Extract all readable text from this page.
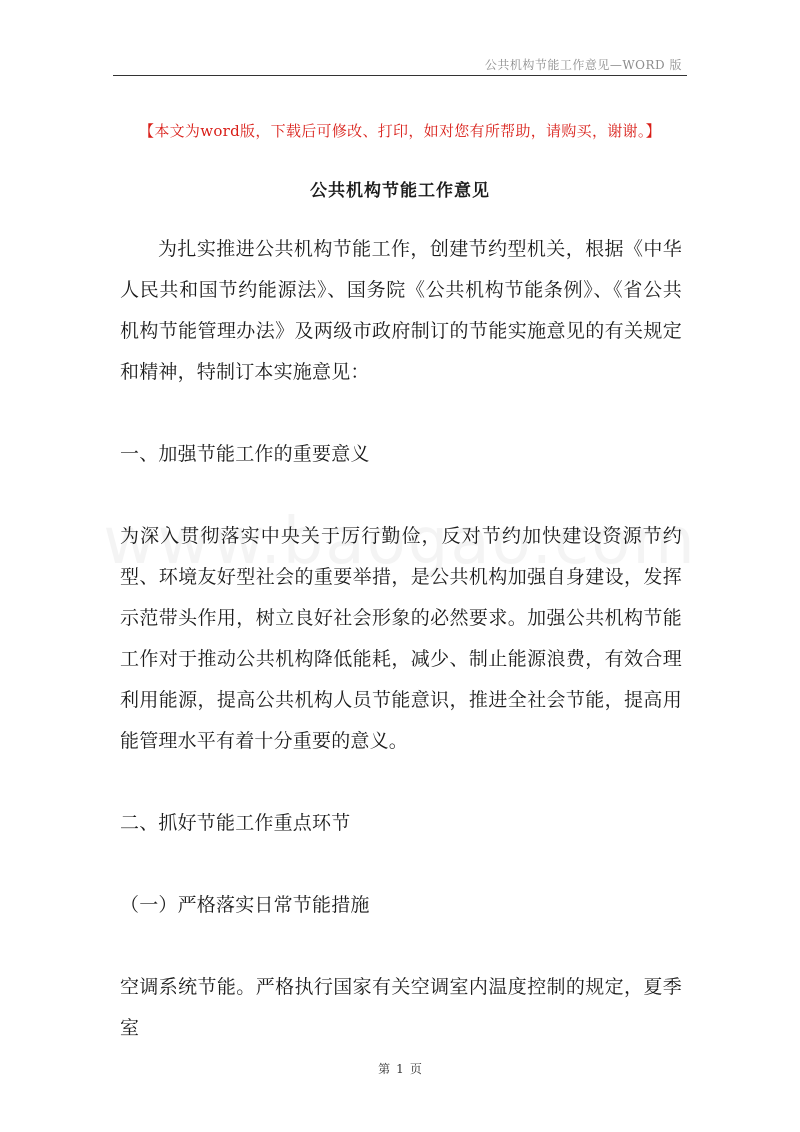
公共机构节能工作意见—WORD 版
【本文为word版，下载后可修改、打印，如对您有所帮助，请购买，谢谢。】
公共机构节能工作意见

为扎实推进公共机构节能工作，创建节约型机关，根据《中华人民共和国节约能源法》、国务院《公共机构节能条例》、《省公共机构节能管理办法》及两级市政府制订的节能实施意见的有关规定和精神，特制订本实施意见：

一、加强节能工作的重要意义

为深入贯彻落实中央关于厉行勤俭，反对节约加快建设资源节约型、环境友好型社会的重要举措，是公共机构加强自身建设，发挥示范带头作用，树立良好社会形象的必然要求。加强公共机构节能工作对于推动公共机构降低能耗，减少、制止能源浪费，有效合理利用能源，提高公共机构人员节能意识，推进全社会节能，提高用能管理水平有着十分重要的意义。

二、抓好节能工作重点环节

（一）严格落实日常节能措施

空调系统节能。严格执行国家有关空调室内温度控制的规定，夏季室

第 1 页
